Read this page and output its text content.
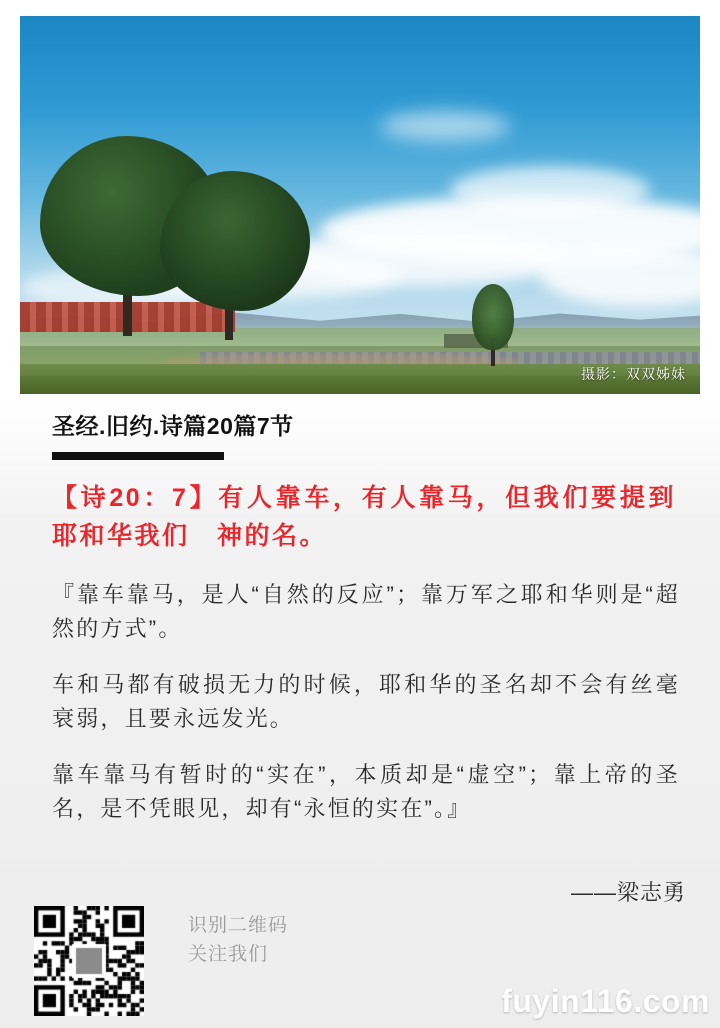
摄影：双双姊妹
圣经.旧约.诗篇20篇7节
【诗20：7】有人靠车，有人靠马，但我们要提到耶和华我们　神的名。

『靠车靠马，是人“自然的反应”；靠万军之耶和华则是“超然的方式”。

车和马都有破损无力的时候，耶和华的圣名却不会有丝毫衰弱，且要永远发光。

靠车靠马有暂时的“实在”，本质却是“虚空”；靠上帝的圣名，是不凭眼见，却有“永恒的实在”。』

——梁志勇
识别二维码
关注我们
fuyin116.com
